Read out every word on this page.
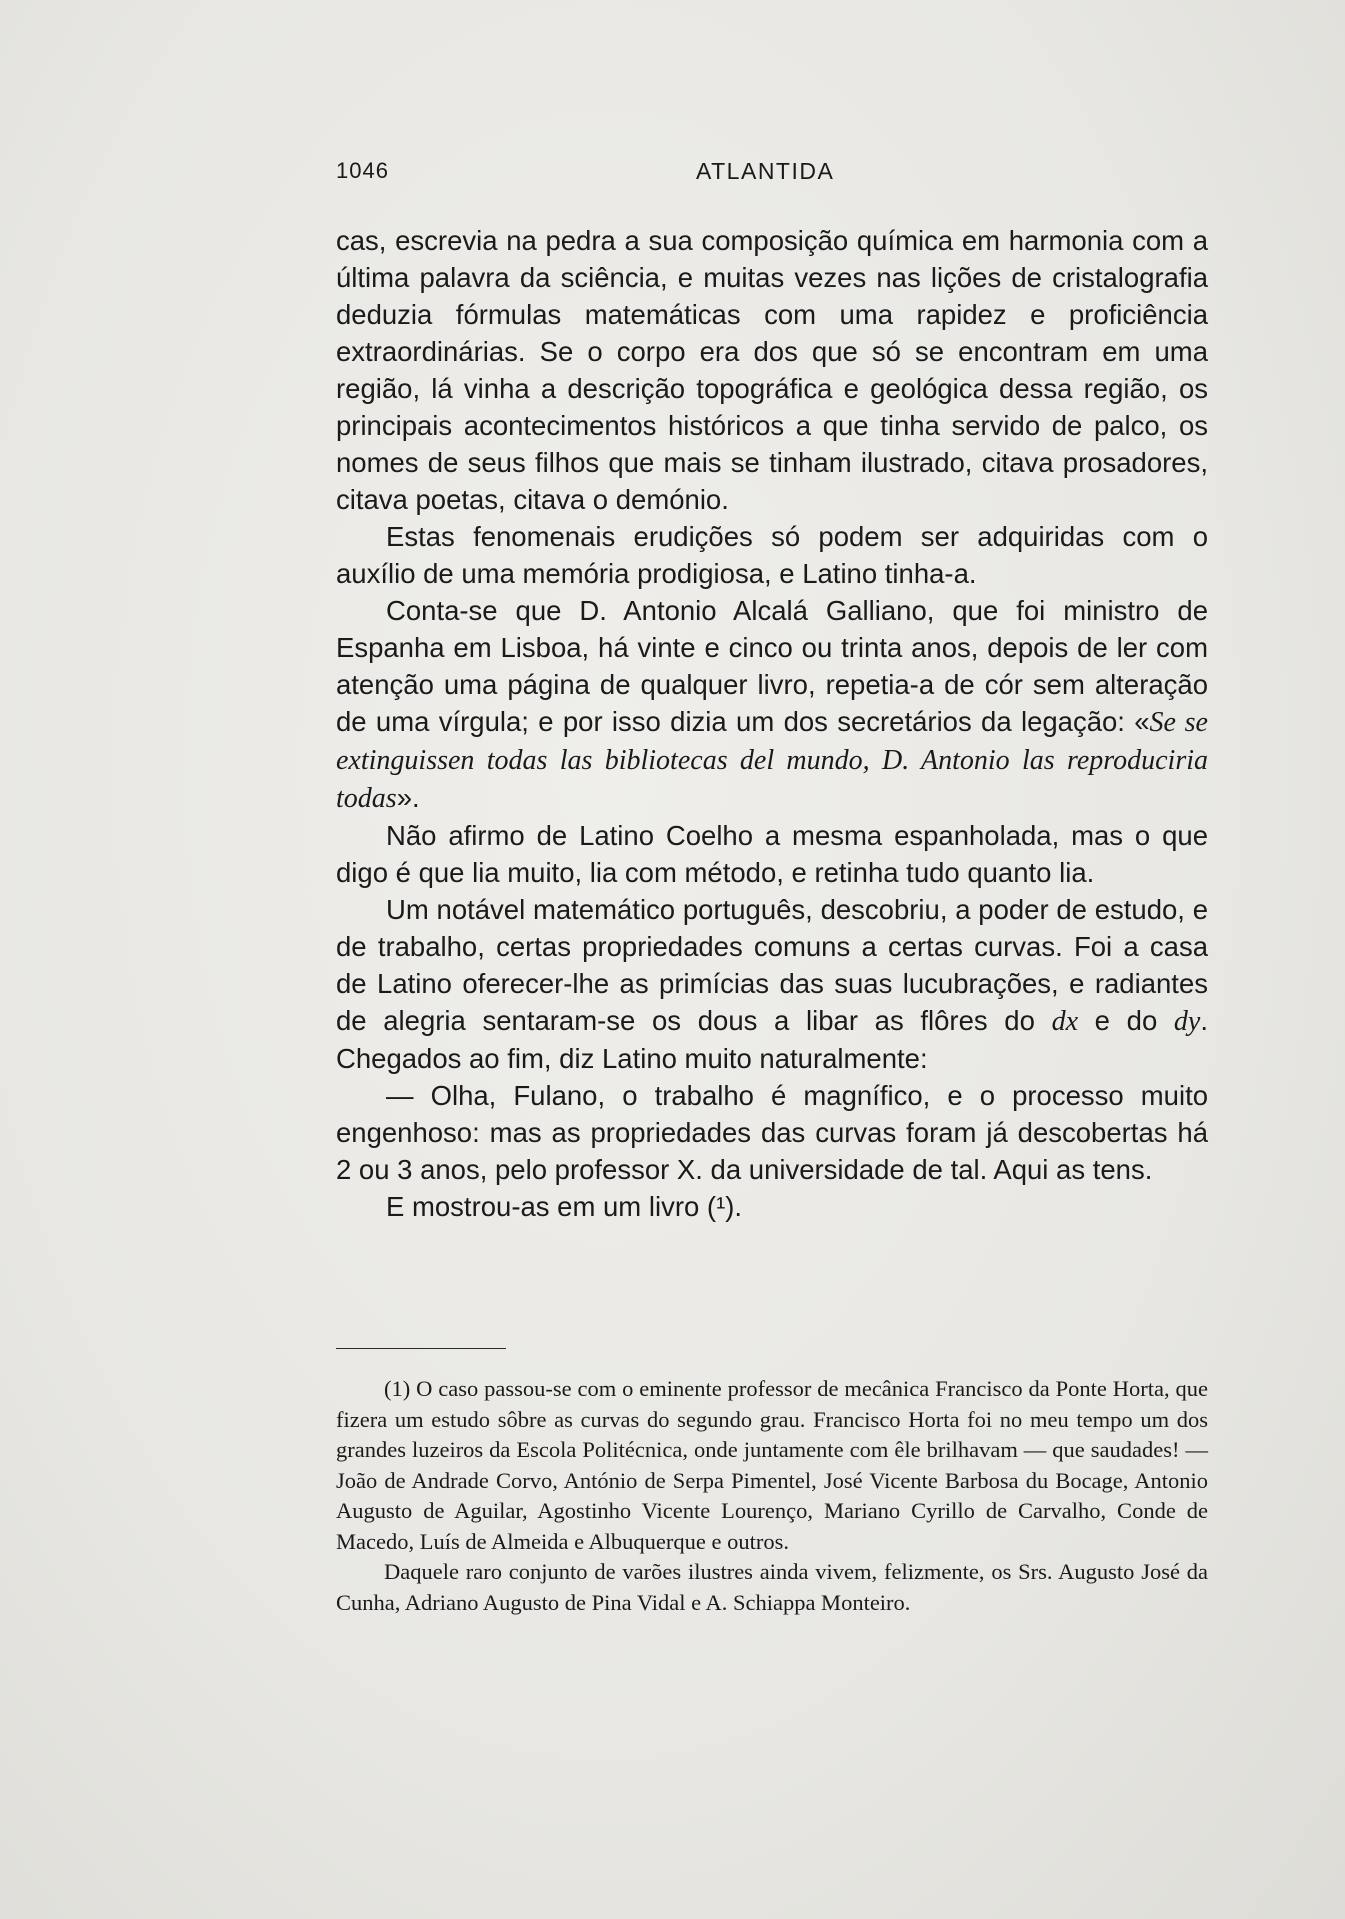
1046	ATLANTIDA

cas, escrevia na pedra a sua composição química em harmonia com a última palavra da sciência, e muitas vezes nas lições de cristalografia deduzia fórmulas matemáticas com uma rapidez e proficiência extraordinárias. Se o corpo era dos que só se encontram em uma região, lá vinha a descrição topográfica e geológica dessa região, os principais acontecimentos históricos a que tinha servido de palco, os nomes de seus filhos que mais se tinham ilustrado, citava prosadores, citava poetas, citava o demónio.

Estas fenomenais erudições só podem ser adquiridas com o auxílio de uma memória prodigiosa, e Latino tinha-a.

Conta-se que D. Antonio Alcalá Galliano, que foi ministro de Espanha em Lisboa, há vinte e cinco ou trinta anos, depois de ler com atenção uma página de qualquer livro, repetia-a de cór sem alteração de uma vírgula; e por isso dizia um dos secretários da legação: «Se se extinguissen todas las bibliotecas del mundo, D. Antonio las reproduciria todas».

Não afirmo de Latino Coelho a mesma espanholada, mas o que digo é que lia muito, lia com método, e retinha tudo quanto lia.

Um notável matemático português, descobriu, a poder de estudo, e de trabalho, certas propriedades comuns a certas curvas. Foi a casa de Latino oferecer-lhe as primícias das suas lucubrações, e radiantes de alegria sentaram-se os dous a libar as flôres do dx e do dy. Chegados ao fim, diz Latino muito naturalmente:

— Olha, Fulano, o trabalho é magnífico, e o processo muito engenhoso: mas as propriedades das curvas foram já descobertas há 2 ou 3 anos, pelo professor X. da universidade de tal. Aqui as tens.

E mostrou-as em um livro (¹).

(1) O caso passou-se com o eminente professor de mecânica Francisco da Ponte Horta, que fizera um estudo sôbre as curvas do segundo grau. Francisco Horta foi no meu tempo um dos grandes luzeiros da Escola Politécnica, onde juntamente com êle brilhavam — que saudades! — João de Andrade Corvo, António de Serpa Pimentel, José Vicente Barbosa du Bocage, Antonio Augusto de Aguilar, Agostinho Vicente Lourenço, Mariano Cyrillo de Carvalho, Conde de Macedo, Luís de Almeida e Albuquerque e outros.

Daquele raro conjunto de varões ilustres ainda vivem, felizmente, os Srs. Augusto José da Cunha, Adriano Augusto de Pina Vidal e A. Schiappa Monteiro.
